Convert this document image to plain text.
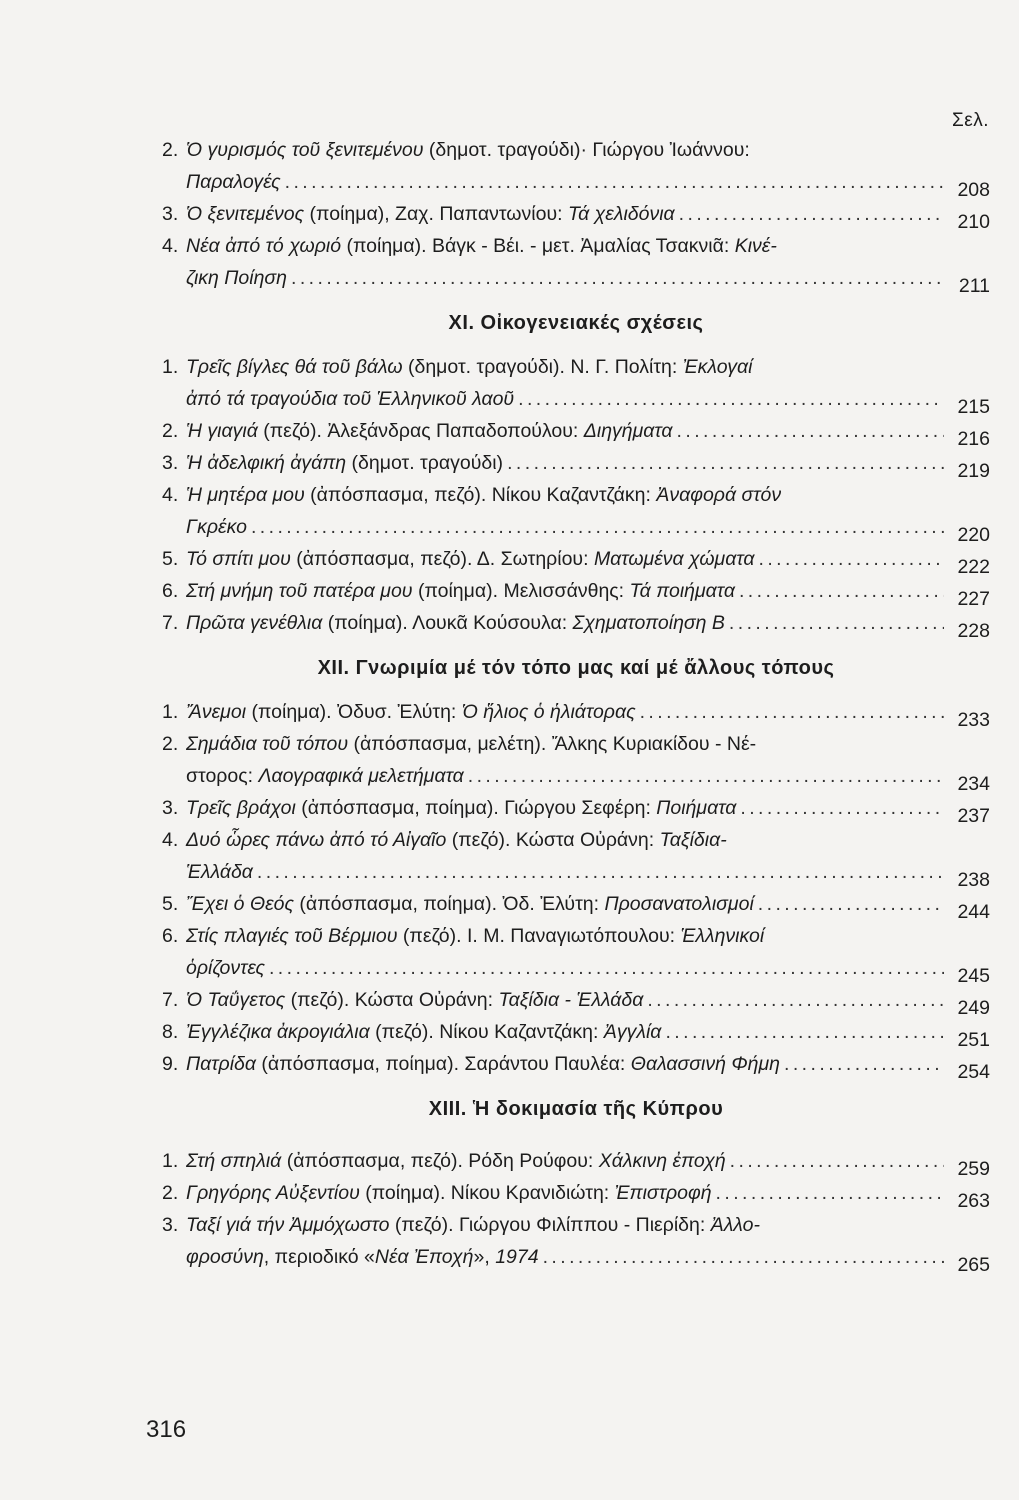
Σελ.
2. Ὁ γυρισμός τοῦ ξενιτεμένου (δημοτ. τραγούδι)· Γιώργου Ἰωάννου:
Παραλογές . . .	208
3. Ὁ ξενιτεμένος (ποίημα), Ζαχ. Παπαντωνίου: Τά χελιδόνια . . .	210
4. Νέα ἀπό τό χωριό (ποίημα). Βάγκ - Βέι. - μετ. Ἀμαλίας Τσακνιᾶ: Κινέ-
ζικη Ποίηση . . .	211
XI. Οἰκογενειακές σχέσεις
1. Τρεῖς βίγλες θά τοῦ βάλω (δημοτ. τραγούδι). Ν. Γ. Πολίτη: Ἐκλογαί
ἀπό τά τραγούδια τοῦ Ἑλληνικοῦ λαοῦ . . .	215
2. Ἡ γιαγιά (πεζό). Ἀλεξάνδρας Παπαδοπούλου: Διηγήματα . . .	216
3. Ἡ ἀδελφική ἀγάπη (δημοτ. τραγούδι) . . .	219
4. Ἡ μητέρα μου (ἀπόσπασμα, πεζό). Νίκου Καζαντζάκη: Ἀναφορά στόν
Γκρέκο . . .	220
5. Τό σπίτι μου (ἀπόσπασμα, πεζό). Δ. Σωτηρίου: Ματωμένα χώματα . . .	222
6. Στή μνήμη τοῦ πατέρα μου (ποίημα). Μελισσάνθης: Τά ποιήματα . . .	227
7. Πρῶτα γενέθλια (ποίημα). Λουκᾶ Κούσουλα: Σχηματοποίηση Β . . .	228
XII. Γνωριμία μέ τόν τόπο μας καί μέ ἄλλους τόπους
1. Ἄνεμοι (ποίημα). Ὀδυσ. Ἐλύτη: Ὁ ἥλιος ὁ ἡλιάτορας . . .	233
2. Σημάδια τοῦ τόπου (ἀπόσπασμα, μελέτη). Ἄλκης Κυριακίδου - Νέ-
στορος: Λαογραφικά μελετήματα . . .	234
3. Τρεῖς βράχοι (ἀπόσπασμα, ποίημα). Γιώργου Σεφέρη: Ποιήματα . . .	237
4. Δυό ὧρες πάνω ἀπό τό Αἰγαῖο (πεζό). Κώστα Οὐράνη: Ταξίδια-
Ἑλλάδα . . .	238
5. Ἔχει ὁ Θεός (ἀπόσπασμα, ποίημα). Ὀδ. Ἐλύτη: Προσανατολισμοί . . .	244
6. Στίς πλαγιές τοῦ Βέρμιου (πεζό). Ι. Μ. Παναγιωτόπουλου: Ἑλληνικοί
ὁρίζοντες . . .	245
7. Ὁ Ταΰγετος (πεζό). Κώστα Οὐράνη: Ταξίδια - Ἑλλάδα . . .	249
8. Ἐγγλέζικα ἀκρογιάλια (πεζό). Νίκου Καζαντζάκη: Ἀγγλία . . .	251
9. Πατρίδα (ἀπόσπασμα, ποίημα). Σαράντου Παυλέα: Θαλασσινή Φήμη . . .	254
XIII. Ἡ δοκιμασία τῆς Κύπρου
1. Στή σπηλιά (ἀπόσπασμα, πεζό). Ρόδη Ρούφου: Χάλκινη ἐποχή . . .	259
2. Γρηγόρης Αὐξεντίου (ποίημα). Νίκου Κρανιδιώτη: Ἐπιστροφή . . .	263
3. Ταξί γιά τήν Ἀμμόχωστο (πεζό). Γιώργου Φιλίππου - Πιερίδη: Ἀλλο-
φροσύνη, περιοδικό «Νέα Ἐποχή», 1974 . . .	265
316
